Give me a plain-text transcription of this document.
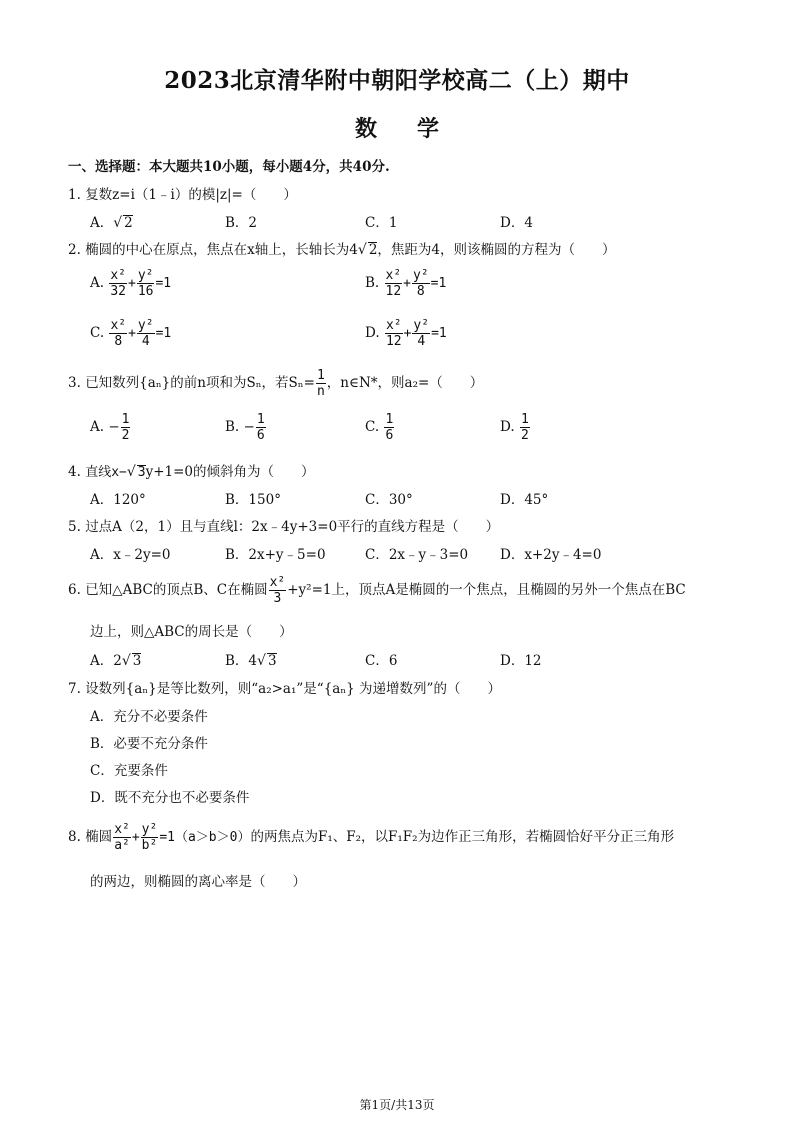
2023北京清华附中朝阳学校高二（上）期中
数 学
一、选择题：本大题共10小题，每小题4分，共40分.
1. 复数z=i（1﹣i）的模|z|=（　　）
A．√ 2	B．2	C．1	D．4
2. 椭圆的中心在原点，焦点在x轴上，长轴长为4√ 2，焦距为4，则该椭圆的方程为（　　）
A. $\frac{\text{x²}}{32} + \frac{\text{y²}}{16} =1$	B. $\frac{\text{x²}}{12} + \frac{\text{y²}}{8} =1$
C. $\frac{\text{x²}}{8} + \frac{\text{y²}}{4} =1$	D. $\frac{\text{x²}}{12} + \frac{\text{y²}}{4} =1$
3. 已知数列{aₙ}的前n项和为Sₙ，若$S_n= \frac{1}{n}$ ，n∈N*，则a₂=（　　）
A. − $\frac{1}{2}$	B. − $\frac{1}{6}$	C. $\frac{1}{6}$	D. $\frac{1}{2}$
4. 直线x−√ 3y+1=0的倾斜角为（　　）
A．120°	B．150°	C．30°	D．45°
5. 过点A（2，1）且与直线l：2x﹣4y+3=0平行的直线方程是（　　）
A．x﹣2y=0	B．2x+y﹣5=0	C．2x﹣y﹣3=0 D．x+2y﹣4=0
6. 已知△ABC的顶点B、C在椭圆 $\frac{\text{x²}}{3} +y^2=1$上，顶点A是椭圆的一个焦点，且椭圆的另外一个焦点在BC
边上，则△ABC的周长是（　　）
A．2√ 3	B．4√ 3	C．6	D．12
7. 设数列{aₙ}是等比数列，则“a₂>a₁”是“{aₙ} 为递增数列”的（　　）
A．充分不必要条件
B．必要不充分条件
C．充要条件
D．既不充分也不必要条件
8. 椭圆 $\frac{\text{x²}}{\text{a²}} + \frac{\text{y²}}{\text{b²}} =1(a>b>0)$的两焦点为F₁、F₂，以F₁F₂为边作正三角形，若椭圆恰好平分正三角形
的两边，则椭圆的离心率是（　　）
第1页/共13页
